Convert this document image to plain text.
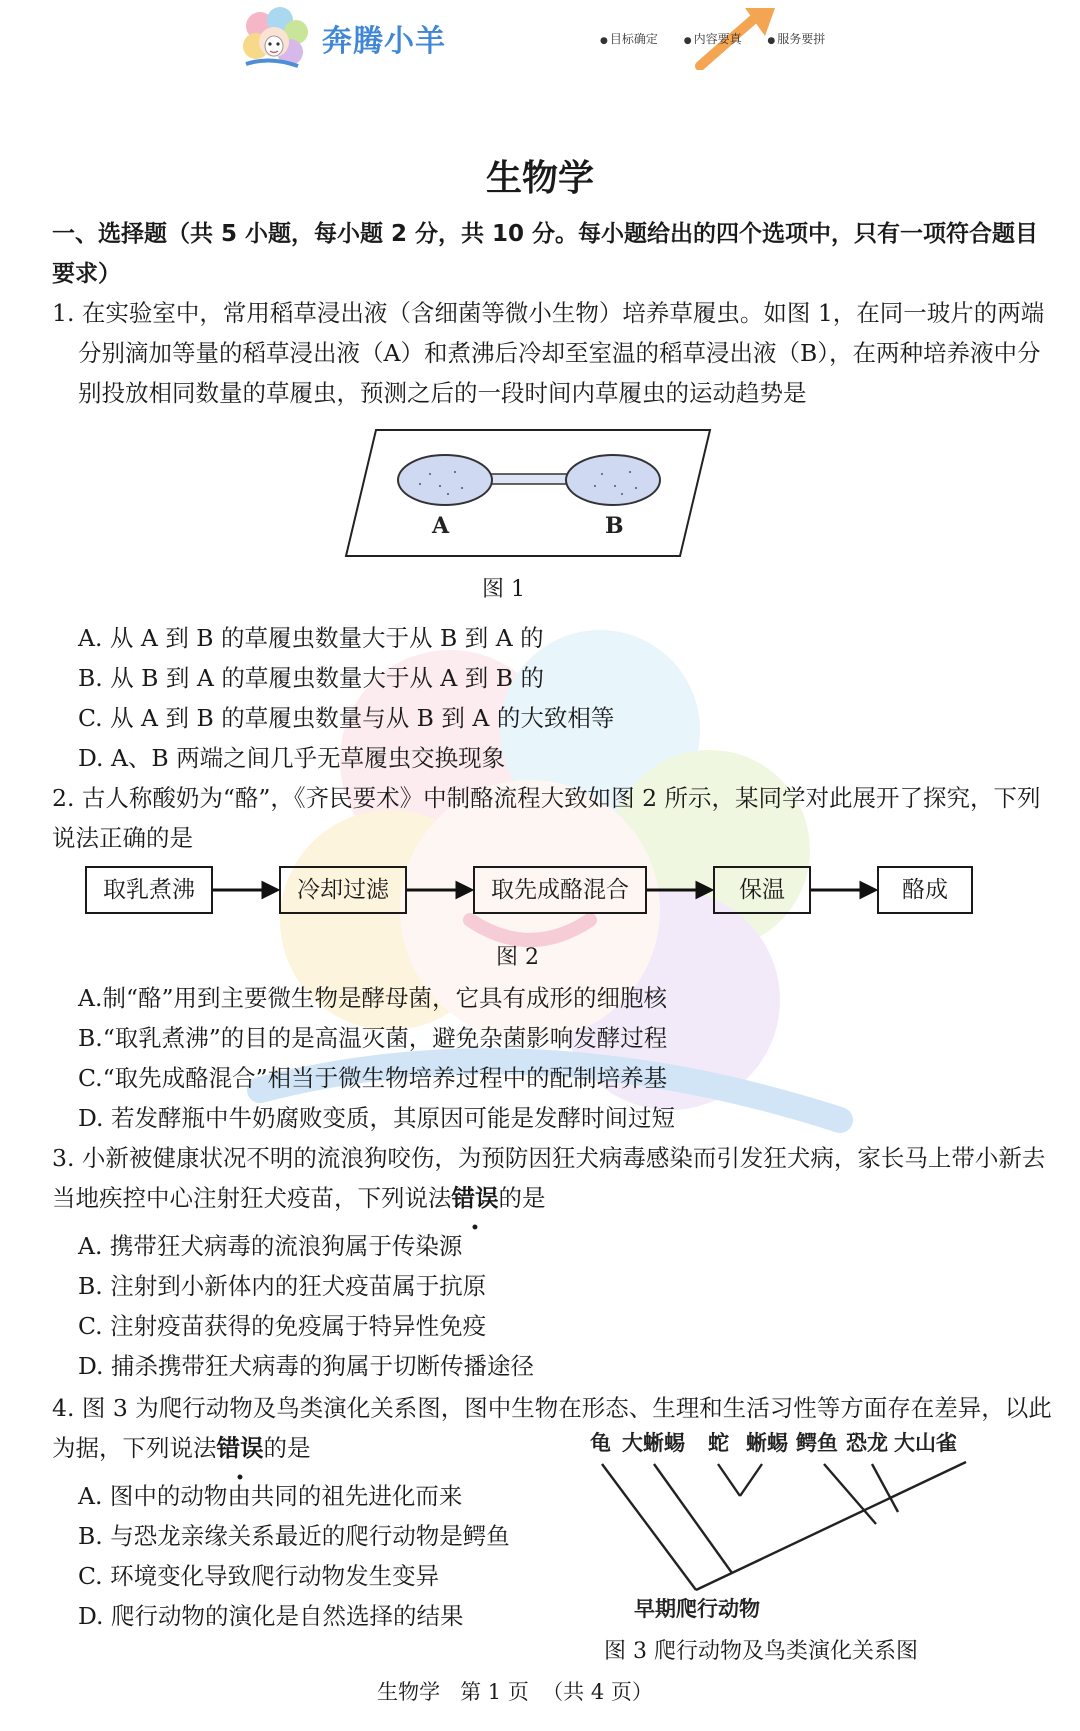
奔腾小羊	● 目标确定	● 内容要真	● 服务要拼
生物学
一、选择题（共 5 小题，每小题 2 分，共 10 分。每小题给出的四个选项中，只有一项符合题目要求）
1. 在实验室中，常用稻草浸出液（含细菌等微小生物）培养草履虫。如图 1，在同一玻片的两端分别滴加等量的稻草浸出液（A）和煮沸后冷却至室温的稻草浸出液（B），在两种培养液中分别投放相同数量的草履虫，预测之后的一段时间内草履虫的运动趋势是
A	B
图 1
A. 从 A 到 B 的草履虫数量大于从 B 到 A 的
B. 从 B 到 A 的草履虫数量大于从 A 到 B 的
C. 从 A 到 B 的草履虫数量与从 B 到 A 的大致相等
D. A、B 两端之间几乎无草履虫交换现象
2. 古人称酸奶为“酪”，《齐民要术》中制酪流程大致如图 2 所示，某同学对此展开了探究，下列说法正确的是
取乳煮沸	冷却过滤	取先成酪混合	保温	酪成
图 2
A.制“酪”用到主要微生物是酵母菌，它具有成形的细胞核
B.“取乳煮沸”的目的是高温灭菌，避免杂菌影响发酵过程
C.“取先成酪混合”相当于微生物培养过程中的配制培养基
D. 若发酵瓶中牛奶腐败变质，其原因可能是发酵时间过短
3. 小新被健康状况不明的流浪狗咬伤，为预防因狂犬病毒感染而引发狂犬病，家长马上带小新去当地疾控中心注射狂犬疫苗，下列说法错误的是
A. 携带狂犬病毒的流浪狗属于传染源
B. 注射到小新体内的狂犬疫苗属于抗原
C. 注射疫苗获得的免疫属于特异性免疫
D. 捕杀携带狂犬病毒的狗属于切断传播途径
4. 图 3 为爬行动物及鸟类演化关系图，图中生物在形态、生理和生活习性等方面存在差异，以此为据，下列说法错误的是	龟 大蜥蜴 蛇 蜥蜴 鳄鱼 恐龙 大山雀
早期爬行动物
图 3 爬行动物及鸟类演化关系图
A. 图中的动物由共同的祖先进化而来
B. 与恐龙亲缘关系最近的爬行动物是鳄鱼
C. 环境变化导致爬行动物发生变异
D. 爬行动物的演化是自然选择的结果
生物学   第 1 页  （共 4 页）
